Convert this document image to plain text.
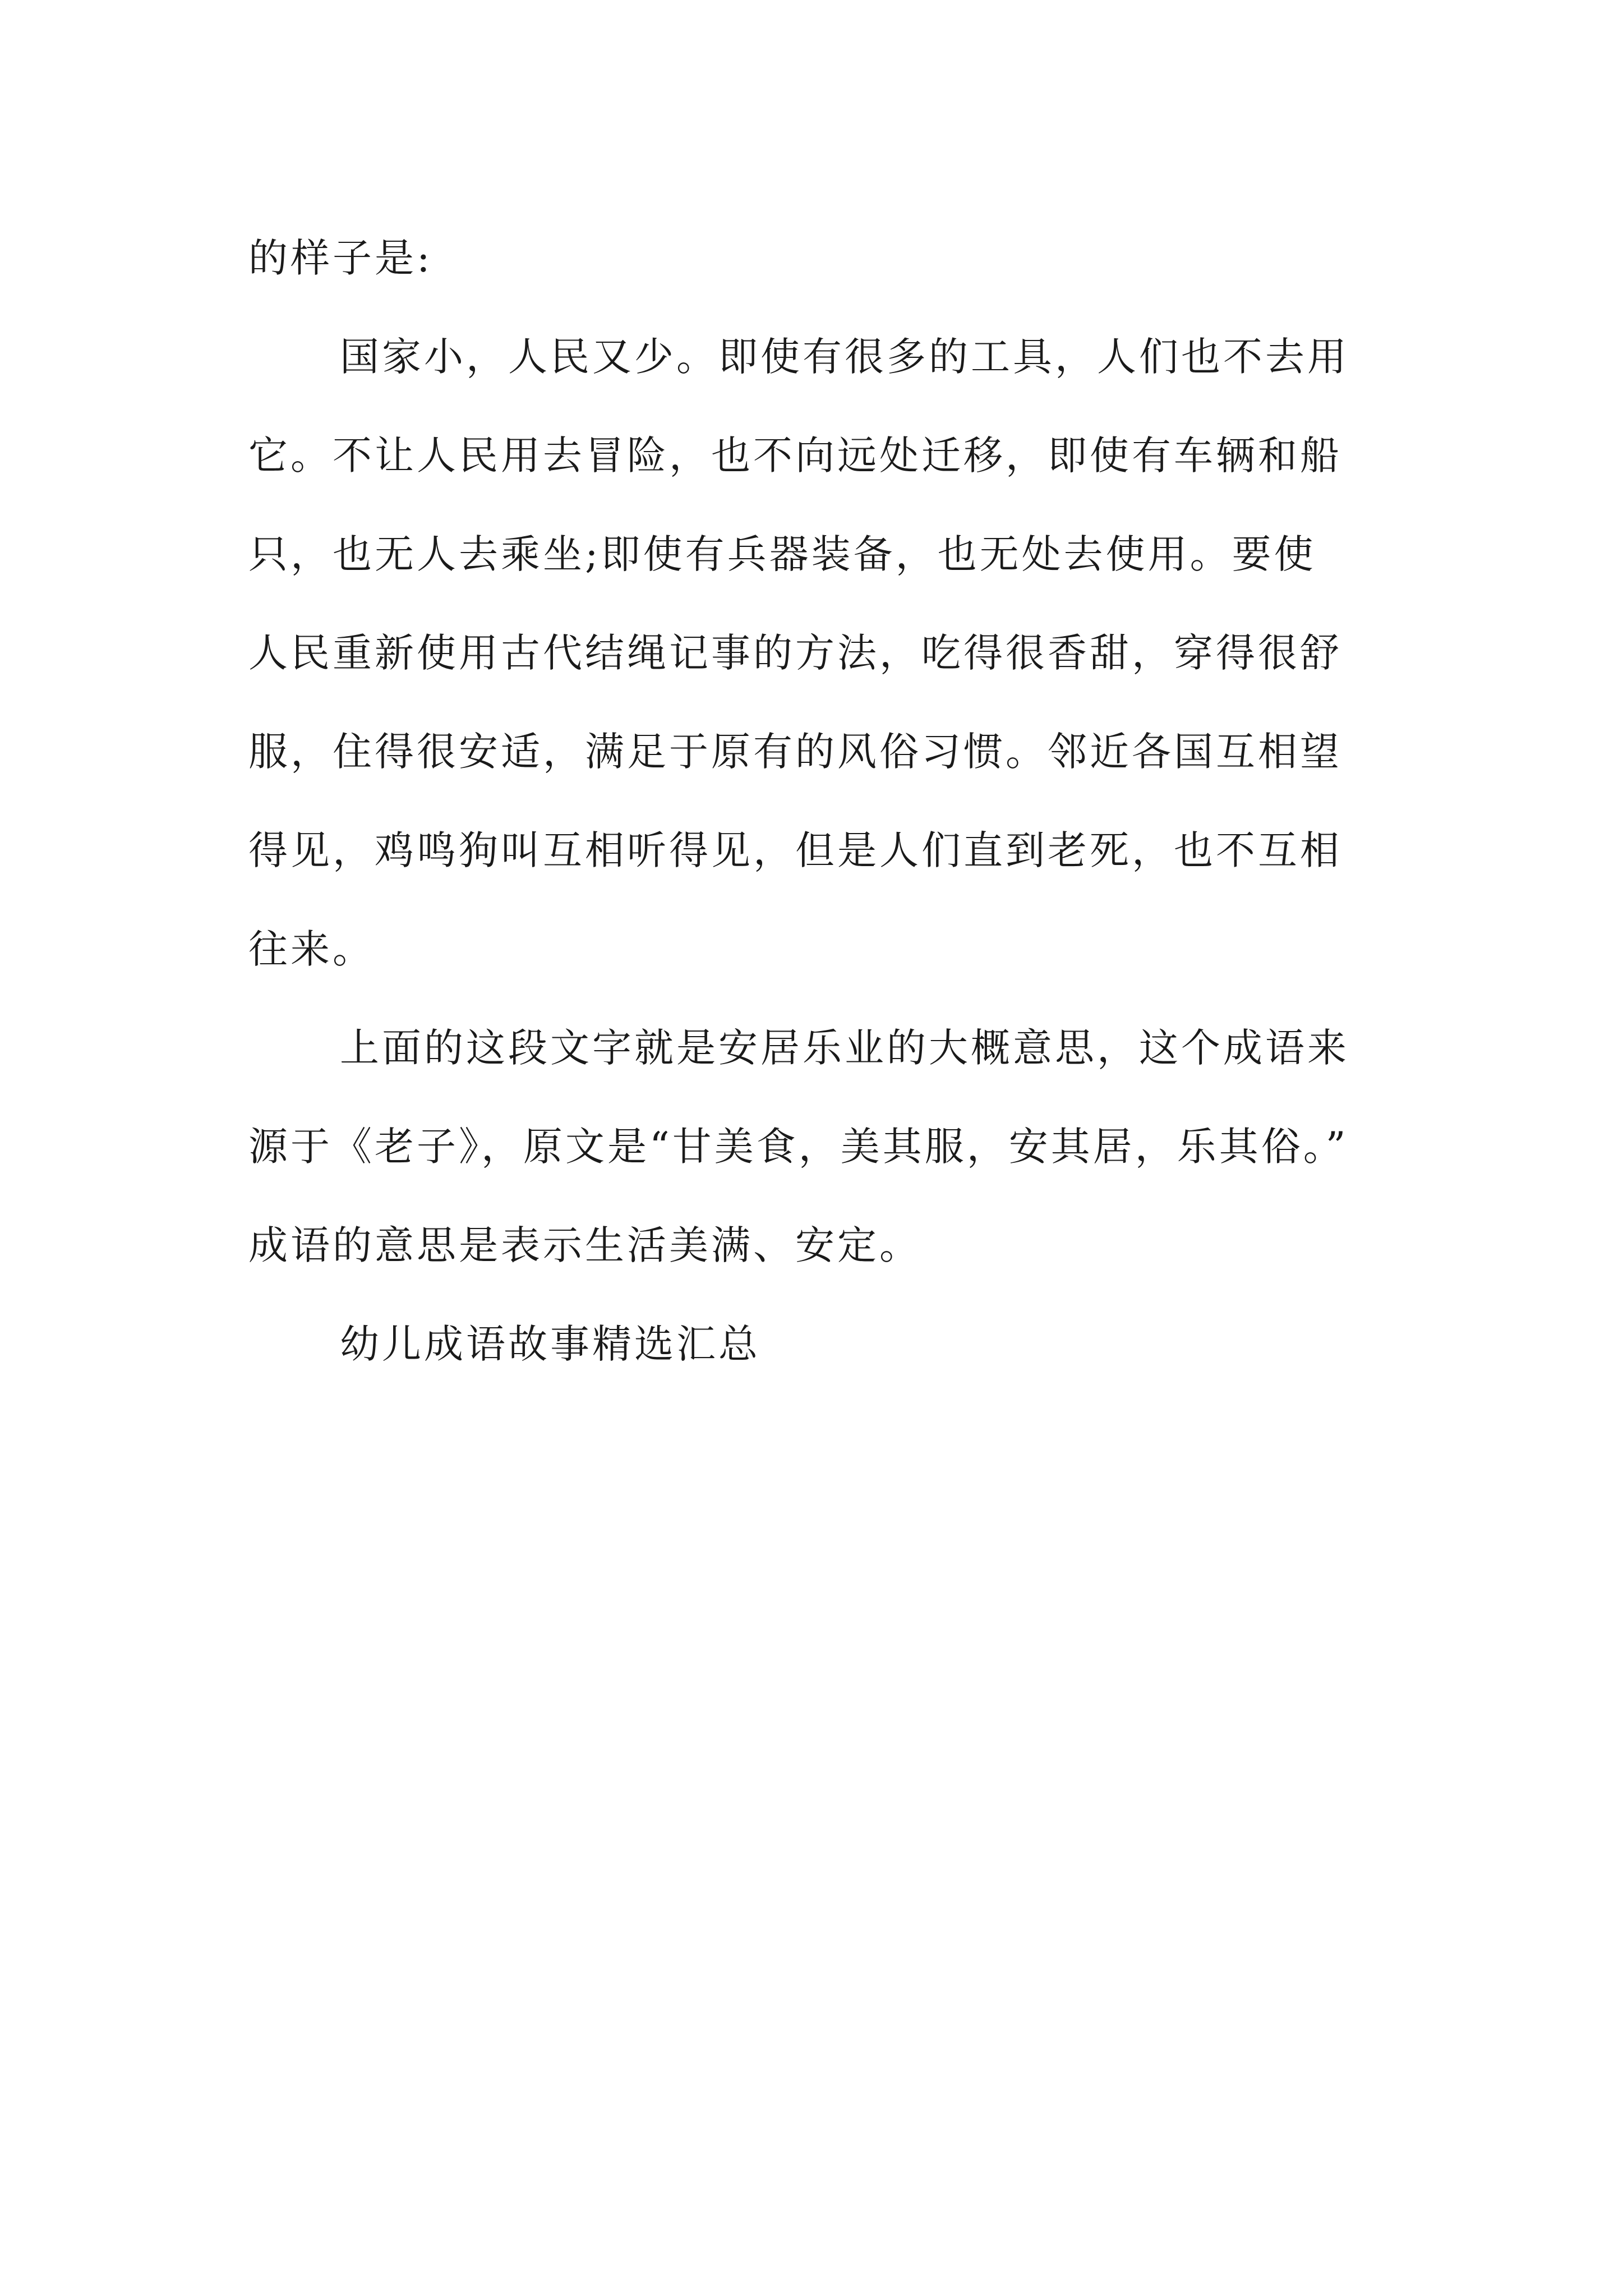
的样子是:

国家小，人民又少。即使有很多的工具，人们也不去用
它。不让人民用去冒险，也不向远处迁移，即使有车辆和船
只，也无人去乘坐;即使有兵器装备，也无处去使用。要使
人民重新使用古代结绳记事的方法，吃得很香甜，穿得很舒
服，住得很安适，满足于原有的风俗习惯。邻近各国互相望
得见，鸡鸣狗叫互相听得见，但是人们直到老死，也不互相
往来。

上面的这段文字就是安居乐业的大概意思，这个成语来
源于《老子》，原文是“甘美食，美其服，安其居，乐其俗。”
成语的意思是表示生活美满、安定。

幼儿成语故事精选汇总
